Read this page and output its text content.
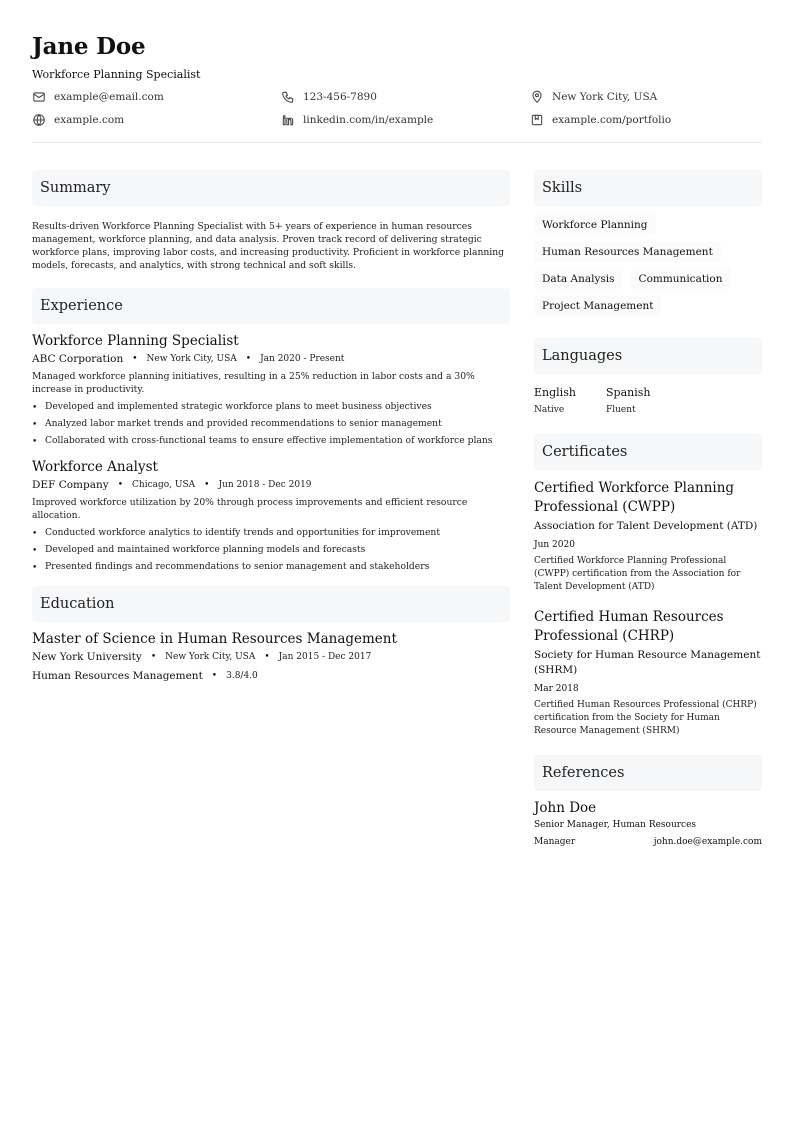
Jane Doe
Workforce Planning Specialist
example@email.com	123-456-7890	New York City, USA
example.com	linkedin.com/in/example	example.com/portfolio
Summary
Results-driven Workforce Planning Specialist with 5+ years of experience in human resources management, workforce planning, and data analysis. Proven track record of delivering strategic workforce plans, improving labor costs, and increasing productivity. Proficient in workforce planning models, forecasts, and analytics, with strong technical and soft skills.
Experience
Workforce Planning Specialist
ABC Corporation • New York City, USA • Jan 2020 - Present
Managed workforce planning initiatives, resulting in a 25% reduction in labor costs and a 30% increase in productivity.
• Developed and implemented strategic workforce plans to meet business objectives
• Analyzed labor market trends and provided recommendations to senior management
• Collaborated with cross-functional teams to ensure effective implementation of workforce plans
Workforce Analyst
DEF Company • Chicago, USA • Jun 2018 - Dec 2019
Improved workforce utilization by 20% through process improvements and efficient resource allocation.
• Conducted workforce analytics to identify trends and opportunities for improvement
• Developed and maintained workforce planning models and forecasts
• Presented findings and recommendations to senior management and stakeholders
Education
Master of Science in Human Resources Management
New York University • New York City, USA • Jan 2015 - Dec 2017
Human Resources Management • 3.8/4.0
Skills
Workforce Planning
Human Resources Management
Data Analysis	Communication
Project Management
Languages
English
Native
Spanish
Fluent
Certificates
Certified Workforce Planning Professional (CWPP)
Association for Talent Development (ATD)
Jun 2020
Certified Workforce Planning Professional (CWPP) certification from the Association for Talent Development (ATD)
Certified Human Resources Professional (CHRP)
Society for Human Resource Management (SHRM)
Mar 2018
Certified Human Resources Professional (CHRP) certification from the Society for Human Resource Management (SHRM)
References
John Doe
Senior Manager, Human Resources
Manager	john.doe@example.com
